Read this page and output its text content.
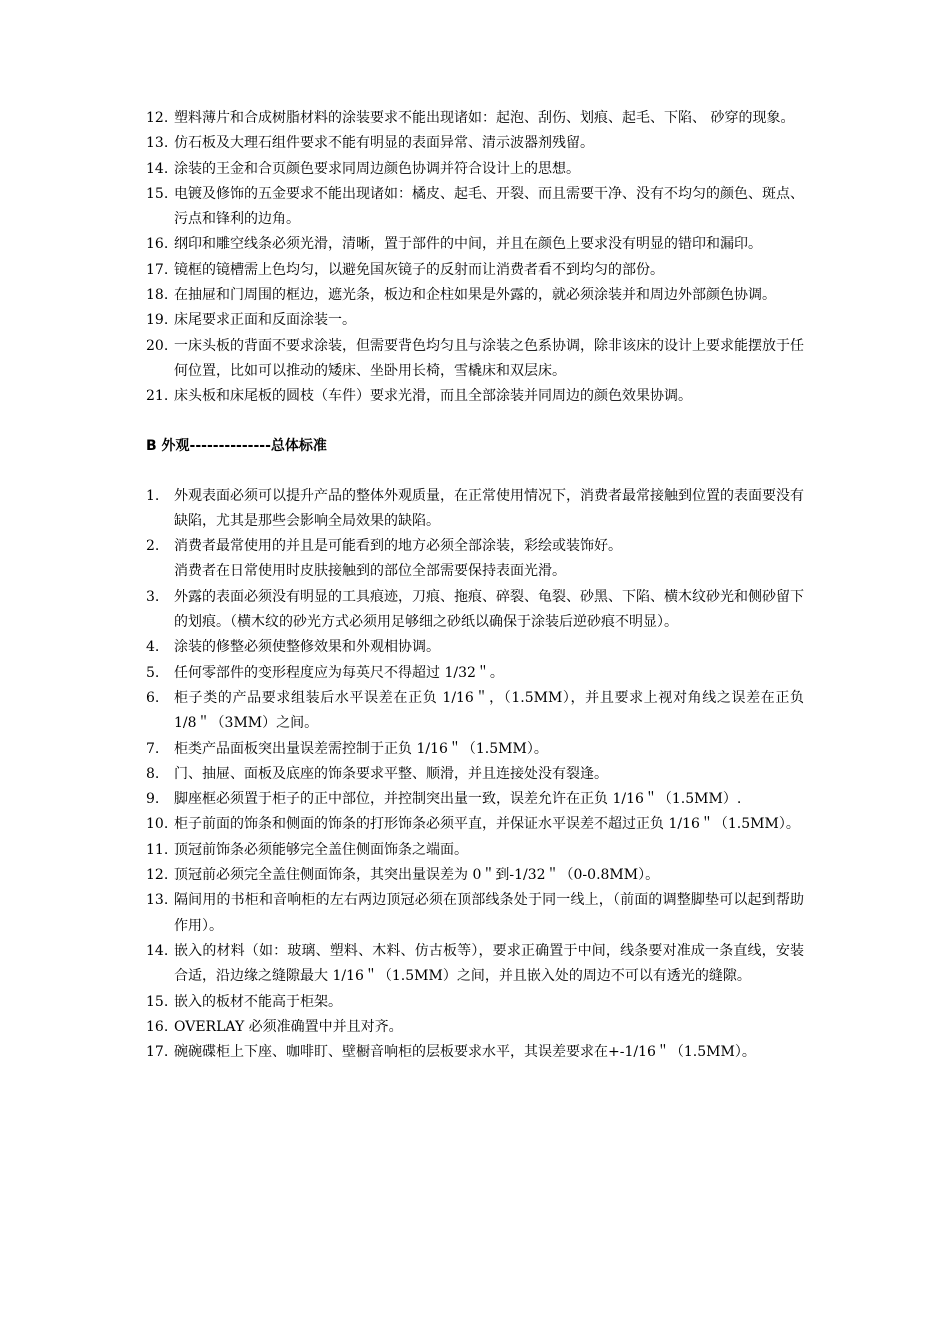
12. 塑料薄片和合成树脂材料的涂装要求不能出现诸如：起泡、刮伤、划痕、起毛、下陷、 砂穿的现象。
13. 仿石板及大理石组件要求不能有明显的表面异常、清示波器剂残留。
14. 涂装的王金和合页颜色要求同周边颜色协调并符合设计上的思想。
15. 电镀及修饰的五金要求不能出现诸如：橘皮、起毛、开裂、而且需要干净、没有不均匀的颜色、斑点、污点和锋利的边角。
16. 纲印和雕空线条必须光滑，清晰，置于部件的中间，并且在颜色上要求没有明显的错印和漏印。
17. 镜框的镜槽需上色均匀，以避免国灰镜子的反射而让消费者看不到均匀的部份。
18. 在抽屉和门周围的框边，遮光条，板边和企柱如果是外露的，就必须涂装并和周边外部颜色协调。
19. 床尾要求正面和反面涂装一。
20. 一床头板的背面不要求涂装，但需要背色均匀且与涂装之色系协调，除非该床的设计上要求能摆放于任何位置，比如可以推动的矮床、坐卧用长椅，雪橇床和双层床。
21. 床头板和床尾板的圆枝（车件）要求光滑，而且全部涂装并同周边的颜色效果协调。
B 外观--------------总体标准
1. 外观表面必须可以提升产品的整体外观质量，在正常使用情况下，消费者最常接触到位置的表面要没有缺陷，尤其是那些会影响全局效果的缺陷。
2. 消费者最常使用的并且是可能看到的地方必须全部涂装，彩绘或装饰好。
消费者在日常使用时皮肤接触到的部位全部需要保持表面光滑。
3. 外露的表面必须没有明显的工具痕迹，刀痕、拖痕、碎裂、龟裂、砂黑、下陷、横木纹砂光和侧砂留下的划痕。（横木纹的砂光方式必须用足够细之砂纸以确保于涂装后逆砂痕不明显）。
4. 涂装的修整必须使整修效果和外观相协调。
5. 任何零部件的变形程度应为每英尺不得超过 1/32＂。
6. 柜子类的产品要求组装后水平误差在正负 1/16＂，（1.5MM），并且要求上视对角线之误差在正负 1/8＂（3MM）之间。
7. 柜类产品面板突出量误差需控制于正负 1/16＂（1.5MM）。
8. 门、抽屉、面板及底座的饰条要求平整、顺滑，并且连接处没有裂逢。
9. 脚座框必须置于柜子的正中部位，并控制突出量一致，误差允许在正负 1/16＂（1.5MM）.
10. 柜子前面的饰条和侧面的饰条的打形饰条必须平直，并保证水平误差不超过正负 1/16＂（1.5MM）。
11. 顶冠前饰条必须能够完全盖住侧面饰条之端面。
12. 顶冠前必须完全盖住侧面饰条，其突出量误差为 0＂到-1/32＂（0-0.8MM）。
13. 隔间用的书柜和音响柜的左右两边顶冠必须在顶部线条处于同一线上，（前面的调整脚垫可以起到帮助作用）。
14. 嵌入的材料（如：玻璃、塑料、木料、仿古板等），要求正确置于中间，线条要对准成一条直线，安装合适，沿边缘之缝隙最大 1/16＂（1.5MM）之间，并且嵌入处的周边不可以有透光的缝隙。
15. 嵌入的板材不能高于柜架。
16. OVERLAY 必须准确置中并且对齐。
17. 碗碗碟柜上下座、咖啡盯、壁橱音响柜的层板要求水平，其误差要求在+-1/16＂（1.5MM）。
